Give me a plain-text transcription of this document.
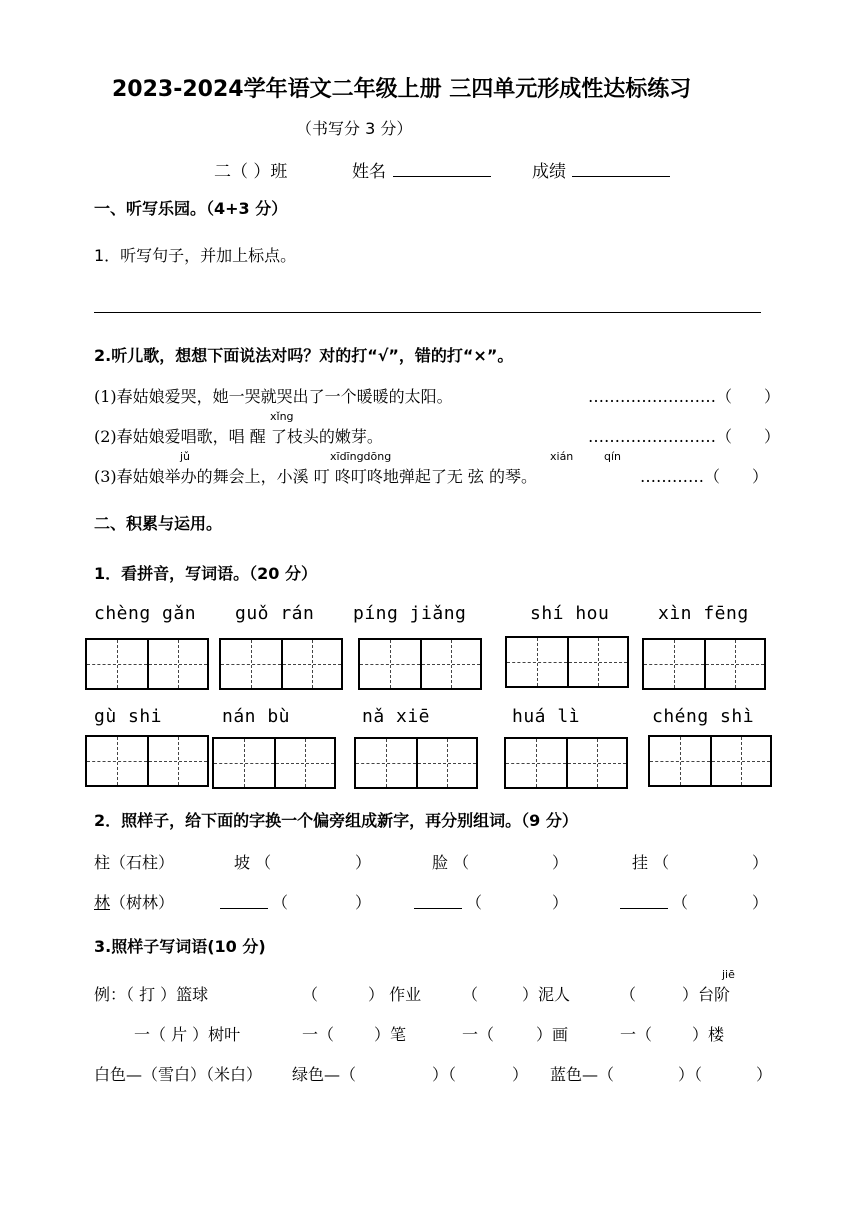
2023-2024学年语文二年级上册 三四单元形成性达标练习
（书写分 3 分）
二（ ）班	姓名	成绩
一、听写乐园。（4+3 分）
1．听写句子，并加上标点。
2.听儿歌，想想下面说法对吗？对的打“√”，错的打“×”。
(1)春姑娘爱哭，她一哭就哭出了一个暖暖的太阳。	……………………（　　）
xǐng
(2)春姑娘爱唱歌，唱 醒 了枝头的嫩芽。	……………………（　　）
jǔ	xīdīngdōng	xián	qín
(3)春姑娘举办的舞会上，小溪 叮 咚叮咚地弹起了无 弦 的琴。	…………（　　）
二、积累与运用。
1．看拼音，写词语。（20 分）
chèng gǎn guǒ rán píng jiǎng	shí hou	xìn fēng
gù shi	nán bù	nǎ xiē	huá lì	chéng shì
2．照样子，给下面的字换一个偏旁组成新字，再分别组词。（9 分）
柱（石柱）	坡 （	）	脸 （	）	挂 （	）
林 （树林）	（	）	（	）	（	）
3.照样子写词语(10 分)
jiē
例：（ 打 ）篮球	（	） 作业	（	）泥人	（	）台阶
一（ 片 ）树叶	一（ ）笔	一（	）画	一（ ）楼
白色—（雪白）（米白） 绿色—（	）（	） 蓝色—（	）（	）
